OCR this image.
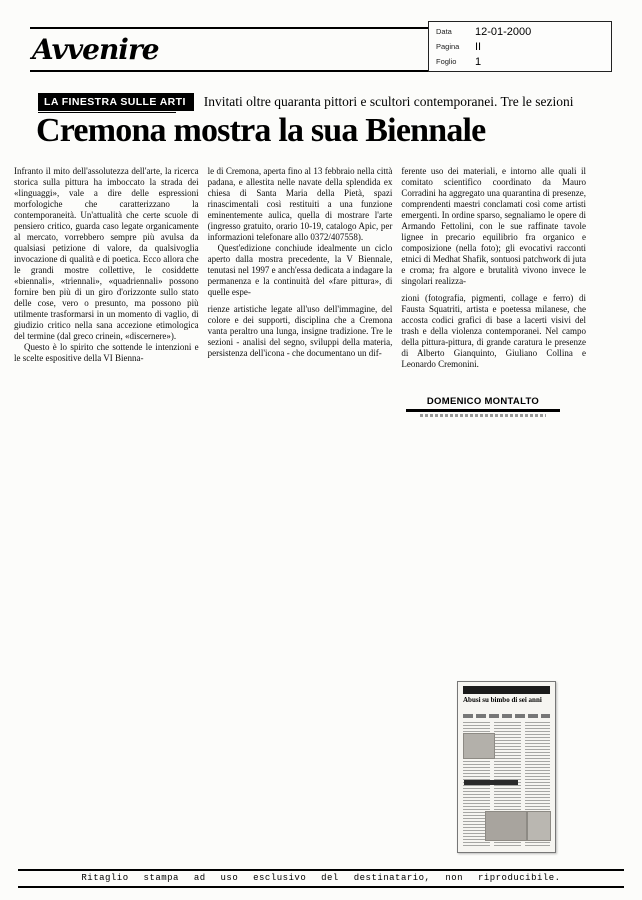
Avvenire
Data	12-01-2000
Pagina	II
Foglio	1
LA FINESTRA SULLE ARTI	Invitati oltre quaranta pittori e scultori contemporanei. Tre le sezioni
Cremona mostra la sua Biennale

Infranto il mito dell'assolutezza dell'arte, la ricerca storica sulla pittura ha imboccato la strada dei «linguaggi», vale a dire delle espressioni morfologiche che caratterizzano la contemporaneità. Un'attualità che certe scuole di pensiero critico, guarda caso legate organicamente al mercato, vorrebbero sempre più avulsa da qualsiasi petizione di valore, da qualsivoglia invocazione di qualità e di poetica. Ecco allora che le grandi mostre collettive, le cosiddette «biennali», «triennali», «quadriennali» possono fornire ben più di un giro d'orizzonte sullo stato delle cose, vero o presunto, ma possono più utilmente trasformarsi in un momento di vaglio, di giudizio critico nella sana accezione etimologica del termine (dal greco crinein, «discernere»).

Questo è lo spirito che sottende le intenzioni e le scelte espositive della VI Bienna-

le di Cremona, aperta fino al 13 febbraio nella città padana, e allestita nelle navate della splendida ex chiesa di Santa Maria della Pietà, spazi rinascimentali così restituiti a una funzione eminentemente aulica, quella di mostrare l'arte (ingresso gratuito, orario 10-19, catalogo Apic, per informazioni telefonare allo 0372/407558).

Quest'edizione conchiude idealmente un ciclo aperto dalla mostra precedente, la V Biennale, tenutasi nel 1997 e anch'essa dedicata a indagare la permanenza e la continuità del «fare pittura», di quelle espe-

rienze artistiche legate all'uso dell'immagine, del colore e dei supporti, disciplina che a Cremona vanta peraltro una lunga, insigne tradizione. Tre le sezioni - analisi del segno, sviluppi della materia, persistenza dell'icona - che documentano un dif-

ferente uso dei materiali, e intorno alle quali il comitato scientifico coordinato da Mauro Corradini ha aggregato una quarantina di presenze, comprendenti maestri conclamati così come artisti emergenti. In ordine sparso, segnaliamo le opere di Armando Fettolini, con le sue raffinate tavole lignee in precario equilibrio fra organico e composizione (nella foto); gli evocativi racconti etnici di Medhat Shafik, sontuosi patchwork di juta e croma; fra algore e brutalità vivono invece le singolari realizza-

zioni (fotografia, pigmenti, collage e ferro) di Fausta Squatriti, artista e poetessa milanese, che accosta codici grafici di base a lacerti visivi del trash e della violenza contemporanei. Nel campo della pittura-pittura, di grande caratura le presenze di Alberto Gianquinto, Giuliano Collina e Leonardo Cremonini.

DOMENICO MONTALTO
Abusi su bimbo di sei anni
Ritaglio stampa ad uso esclusivo del destinatario, non riproducibile.
